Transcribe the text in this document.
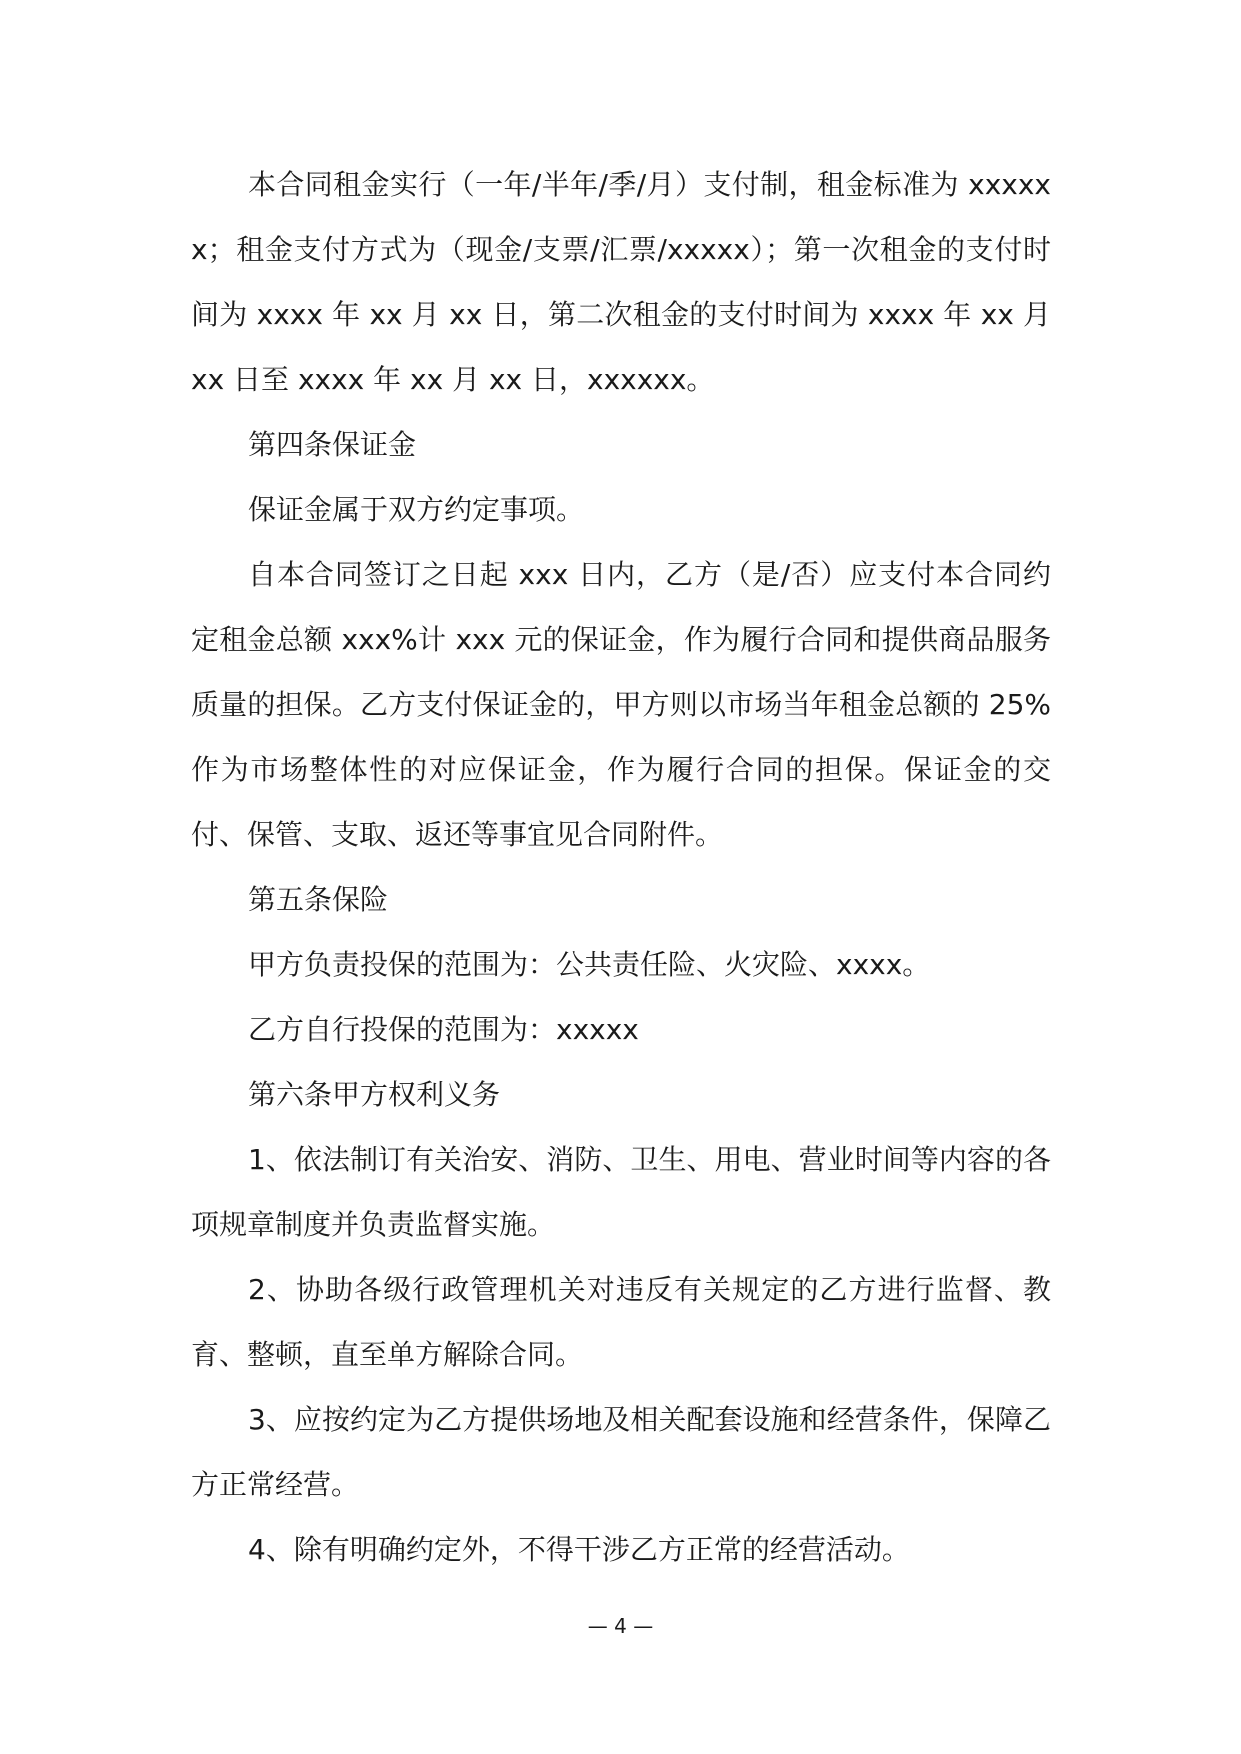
本合同租金实行（一年/半年/季/月）支付制，租金标准为 xxxxxx；租金支付方式为（现金/支票/汇票/xxxxx）；第一次租金的支付时间为 xxxx 年 xx 月 xx 日，第二次租金的支付时间为 xxxx 年 xx 月 xx 日至 xxxx 年 xx 月 xx 日，xxxxxx。

第四条保证金

保证金属于双方约定事项。

自本合同签订之日起 xxx 日内，乙方（是/否）应支付本合同约定租金总额 xxx%计 xxx 元的保证金，作为履行合同和提供商品服务质量的担保。乙方支付保证金的，甲方则以市场当年租金总额的 25%作为市场整体性的对应保证金，作为履行合同的担保。保证金的交付、保管、支取、返还等事宜见合同附件。

第五条保险

甲方负责投保的范围为：公共责任险、火灾险、xxxx。

乙方自行投保的范围为：xxxxx

第六条甲方权利义务

1、依法制订有关治安、消防、卫生、用电、营业时间等内容的各项规章制度并负责监督实施。

2、协助各级行政管理机关对违反有关规定的乙方进行监督、教育、整顿，直至单方解除合同。

3、应按约定为乙方提供场地及相关配套设施和经营条件，保障乙方正常经营。

4、除有明确约定外，不得干涉乙方正常的经营活动。

— 4 —
